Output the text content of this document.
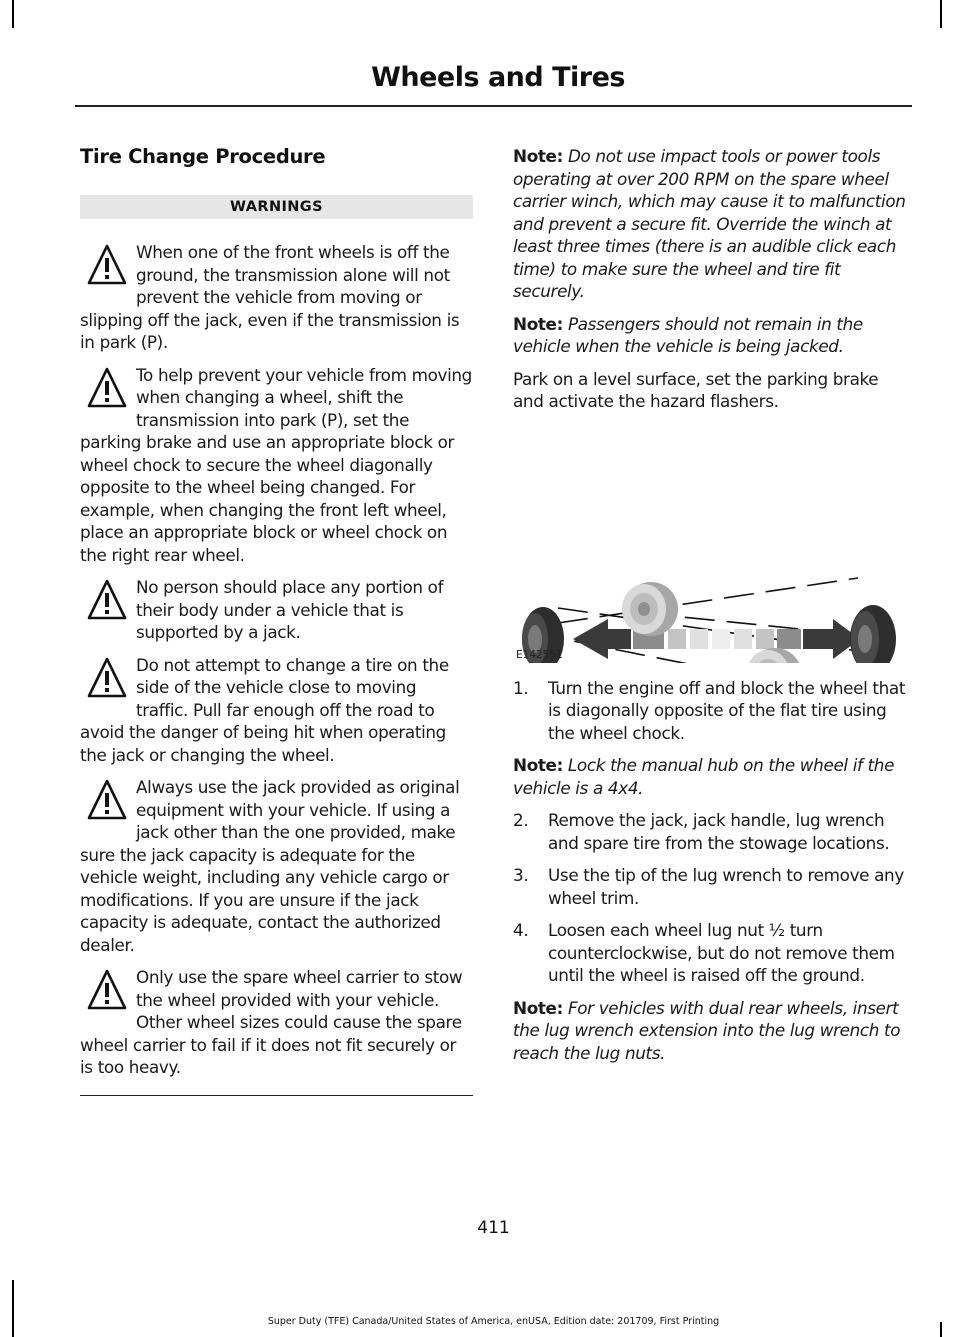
Wheels and Tires
Tire Change Procedure
WARNINGS
When one of the front wheels is off the ground, the transmission alone will not prevent the vehicle from moving or slipping off the jack, even if the transmission is in park (P).
To help prevent your vehicle from moving when changing a wheel, shift the transmission into park (P), set the parking brake and use an appropriate block or wheel chock to secure the wheel diagonally opposite to the wheel being changed. For example, when changing the front left wheel, place an appropriate block or wheel chock on the right rear wheel.
No person should place any portion of their body under a vehicle that is supported by a jack.
Do not attempt to change a tire on the side of the vehicle close to moving traffic. Pull far enough off the road to avoid the danger of being hit when operating the jack or changing the wheel.
Always use the jack provided as original equipment with your vehicle. If using a jack other than the one provided, make sure the jack capacity is adequate for the vehicle weight, including any vehicle cargo or modifications. If you are unsure if the jack capacity is adequate, contact the authorized dealer.
Only use the spare wheel carrier to stow the wheel provided with your vehicle. Other wheel sizes could cause the spare wheel carrier to fail if it does not fit securely or is too heavy.

Note: Do not use impact tools or power tools operating at over 200 RPM on the spare wheel carrier winch, which may cause it to malfunction and prevent a secure fit. Override the winch at least three times (there is an audible click each time) to make sure the wheel and tire fit securely.

Note: Passengers should not remain in the vehicle when the vehicle is being jacked.

Park on a level surface, set the parking brake and activate the hazard flashers.

E142551
1. Turn the engine off and block the wheel that is diagonally opposite of the flat tire using the wheel chock.

Note: Lock the manual hub on the wheel if the vehicle is a 4x4.

2. Remove the jack, jack handle, lug wrench and spare tire from the stowage locations.
3. Use the tip of the lug wrench to remove any wheel trim.
4. Loosen each wheel lug nut ½ turn counterclockwise, but do not remove them until the wheel is raised off the ground.

Note: For vehicles with dual rear wheels, insert the lug wrench extension into the lug wrench to reach the lug nuts.

411
Super Duty (TFE) Canada/United States of America, enUSA, Edition date: 201709, First Printing
